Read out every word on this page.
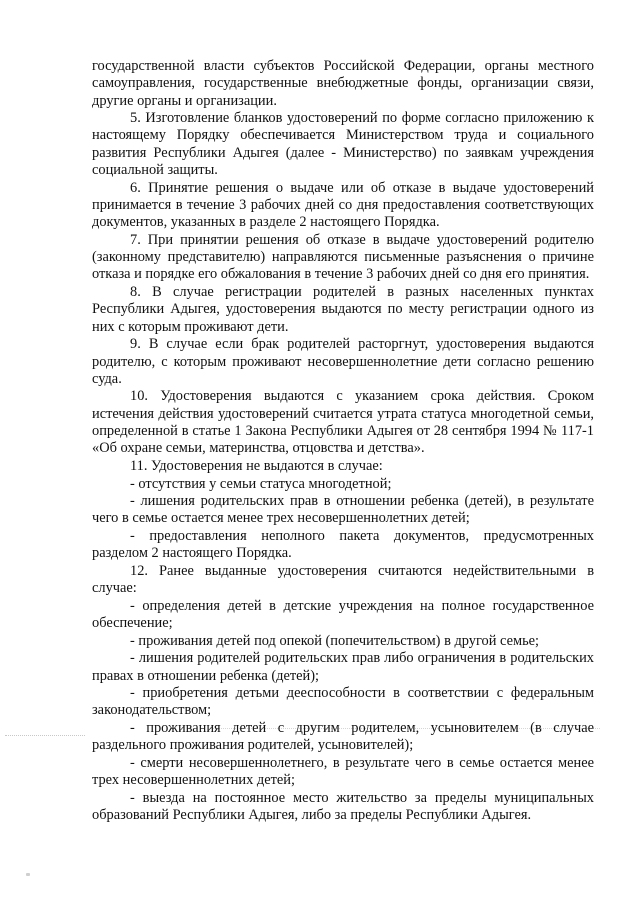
государственной власти субъектов Российской Федерации, органы местного самоуправления, государственные внебюджетные фонды, организации связи, другие органы и организации.

5. Изготовление бланков удостоверений по форме согласно приложению к настоящему Порядку обеспечивается Министерством труда и социального развития Республики Адыгея (далее - Министерство) по заявкам учреждения социальной защиты.

6. Принятие решения о выдаче или об отказе в выдаче удостоверений принимается в течение 3 рабочих дней со дня предоставления соответствующих документов, указанных в разделе 2 настоящего Порядка.

7. При принятии решения об отказе в выдаче удостоверений родителю (законному представителю) направляются письменные разъяснения о причине отказа и порядке его обжалования в течение 3 рабочих дней со дня его принятия.

8. В случае регистрации родителей в разных населенных пунктах Республики Адыгея, удостоверения выдаются по месту регистрации одного из них с которым проживают дети.

9. В случае если брак родителей расторгнут, удостоверения выдаются родителю, с которым проживают несовершеннолетние дети согласно решению суда.

10. Удостоверения выдаются с указанием срока действия. Сроком истечения действия удостоверений считается утрата статуса многодетной семьи, определенной в статье 1 Закона Республики Адыгея от 28 сентября 1994 № 117-1 «Об охране семьи, материнства, отцовства и детства».

11. Удостоверения не выдаются в случае:

- отсутствия у семьи статуса многодетной;

- лишения родительских прав в отношении ребенка (детей), в результате чего в семье остается менее трех несовершеннолетних детей;

- предоставления неполного пакета документов, предусмотренных разделом 2 настоящего Порядка.

12. Ранее выданные удостоверения считаются недействительными в случае:

- определения детей в детские учреждения на полное государственное обеспечение;

- проживания детей под опекой (попечительством) в другой семье;

- лишения родителей родительских прав либо ограничения в родительских правах в отношении ребенка (детей);

- приобретения детьми дееспособности в соответствии с федеральным законодательством;

- проживания детей с другим родителем, усыновителем (в случае раздельного проживания родителей, усыновителей);

- смерти несовершеннолетнего, в результате чего в семье остается менее трех несовершеннолетних детей;

- выезда на постоянное место жительство за пределы муниципальных образований Республики Адыгея, либо за пределы Республики Адыгея.
